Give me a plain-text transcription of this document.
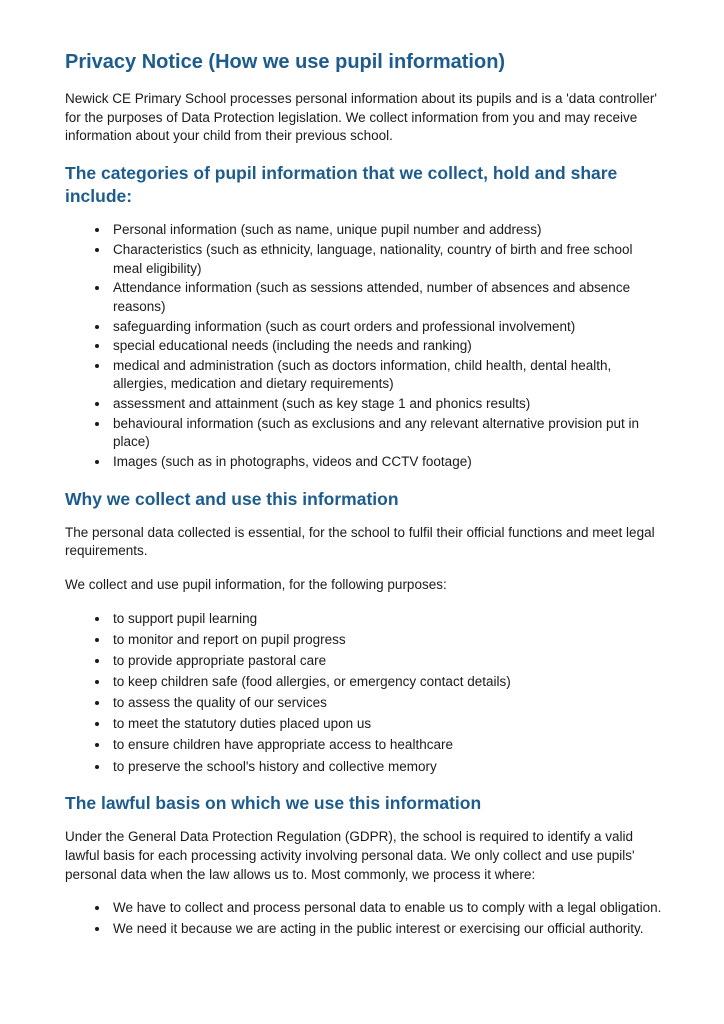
Privacy Notice (How we use pupil information)

Newick CE Primary School processes personal information about its pupils and is a 'data controller' for the purposes of Data Protection legislation. We collect information from you and may receive information about your child from their previous school.

The categories of pupil information that we collect, hold and share include:
• Personal information (such as name, unique pupil number and address)
• Characteristics (such as ethnicity, language, nationality, country of birth and free school meal eligibility)
• Attendance information (such as sessions attended, number of absences and absence reasons)
• safeguarding information (such as court orders and professional involvement)
• special educational needs (including the needs and ranking)
• medical and administration (such as doctors information, child health, dental health, allergies, medication and dietary requirements)
• assessment and attainment (such as key stage 1 and phonics results)
• behavioural information (such as exclusions and any relevant alternative provision put in place)
• Images (such as in photographs, videos and CCTV footage)
Why we collect and use this information

The personal data collected is essential, for the school to fulfil their official functions and meet legal requirements.

We collect and use pupil information, for the following purposes:

• to support pupil learning
• to monitor and report on pupil progress
• to provide appropriate pastoral care
• to keep children safe (food allergies, or emergency contact details)
• to assess the quality of our services
• to meet the statutory duties placed upon us
• to ensure children have appropriate access to healthcare
• to preserve the school's history and collective memory
The lawful basis on which we use this information

Under the General Data Protection Regulation (GDPR), the school is required to identify a valid lawful basis for each processing activity involving personal data. We only collect and use pupils' personal data when the law allows us to. Most commonly, we process it where:

• We have to collect and process personal data to enable us to comply with a legal obligation.
• We need it because we are acting in the public interest or exercising our official authority.
